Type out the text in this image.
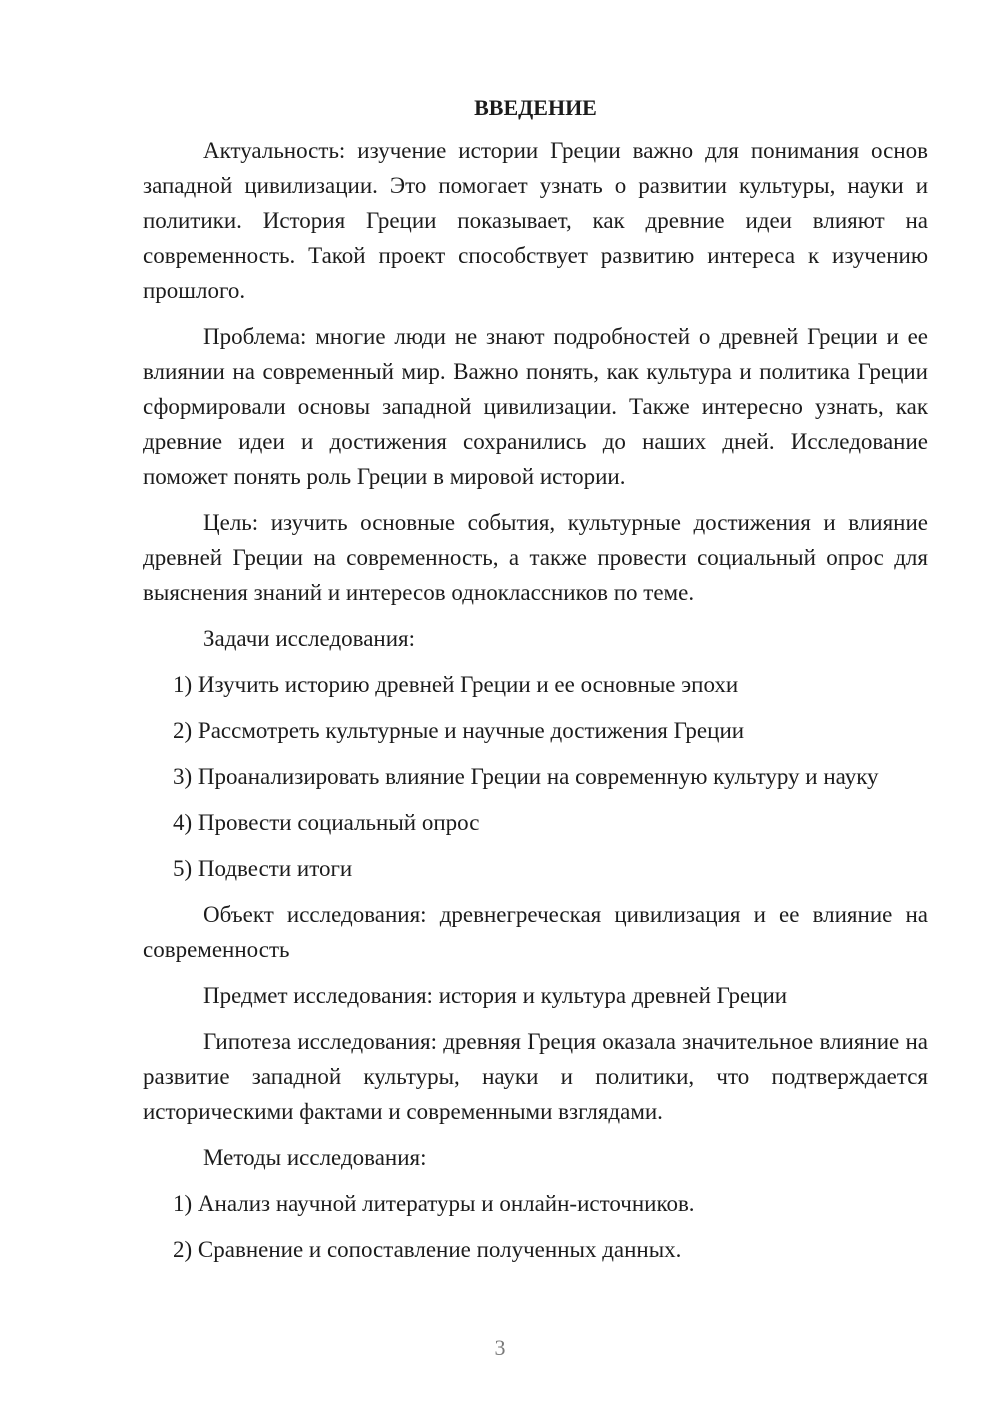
ВВЕДЕНИЕ

Актуальность: изучение истории Греции важно для понимания основ западной цивилизации. Это помогает узнать о развитии культуры, науки и политики. История Греции показывает, как древние идеи влияют на современность. Такой проект способствует развитию интереса к изучению прошлого.

Проблема: многие люди не знают подробностей о древней Греции и ее влиянии на современный мир. Важно понять, как культура и политика Греции сформировали основы западной цивилизации. Также интересно узнать, как древние идеи и достижения сохранились до наших дней. Исследование поможет понять роль Греции в мировой истории.

Цель: изучить основные события, культурные достижения и влияние древней Греции на современность, а также провести социальный опрос для выяснения знаний и интересов одноклассников по теме.

Задачи исследования:

1) Изучить историю древней Греции и ее основные эпохи

2) Рассмотреть культурные и научные достижения Греции

3) Проанализировать влияние Греции на современную культуру и науку

4) Провести социальный опрос

5) Подвести итоги

Объект исследования: древнегреческая цивилизация и ее влияние на современность

Предмет исследования: история и культура древней Греции

Гипотеза исследования: древняя Греция оказала значительное влияние на развитие западной культуры, науки и политики, что подтверждается историческими фактами и современными взглядами.

Методы исследования:

1) Анализ научной литературы и онлайн-источников.

2) Сравнение и сопоставление полученных данных.

3
